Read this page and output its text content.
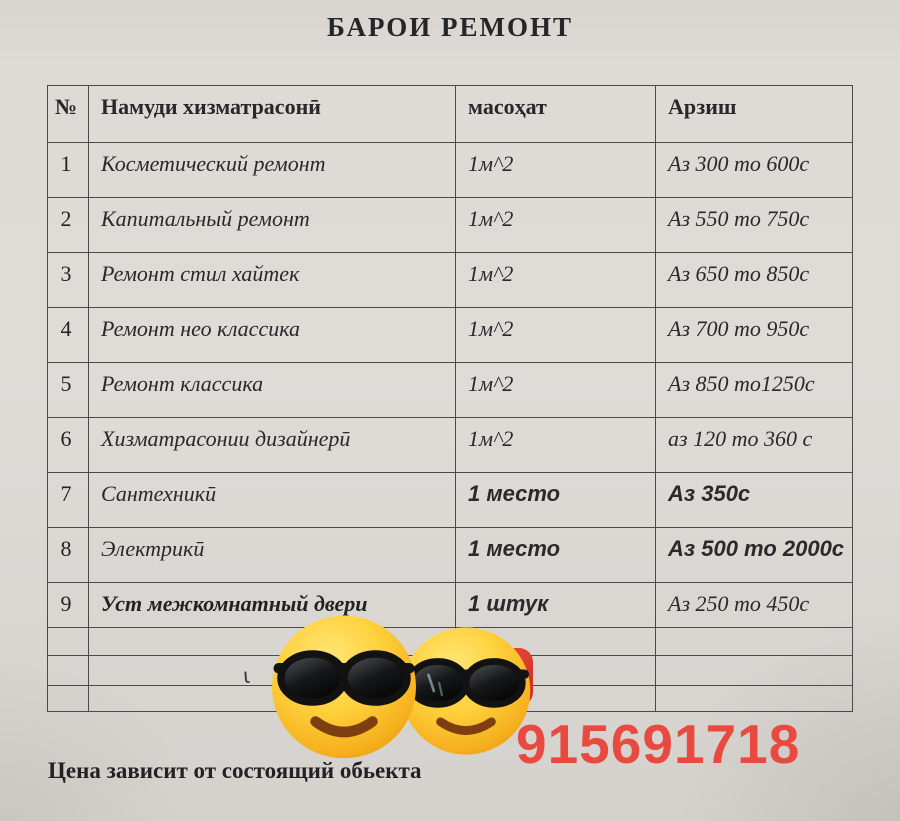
БАРОИ РЕМОНТ
№	Намуди хизматрасонӣ	масоҳат	Арзиш
1	Косметический ремонт	1м^2	Аз 300 то 600с
2	Капитальный ремонт	1м^2	Аз 550 то 750с
3	Ремонт стил хайтек	1м^2	Аз 650 то 850с
4	Ремонт нео классика	1м^2	Аз 700 то 950с
5	Ремонт классика	1м^2	Аз 850 то1250с
6	Хизматрасонии дизайнерӣ	1м^2	аз 120 то 360 с
7	Сантехникӣ	1 место	Аз 350с
8	Электрикӣ	1 место	Аз 500 то 2000с
9	Уст межкомнатный двери	1 штук	Аз 250 то 450с

ɩ
915691718
Цена зависит от состоящий обьекта
